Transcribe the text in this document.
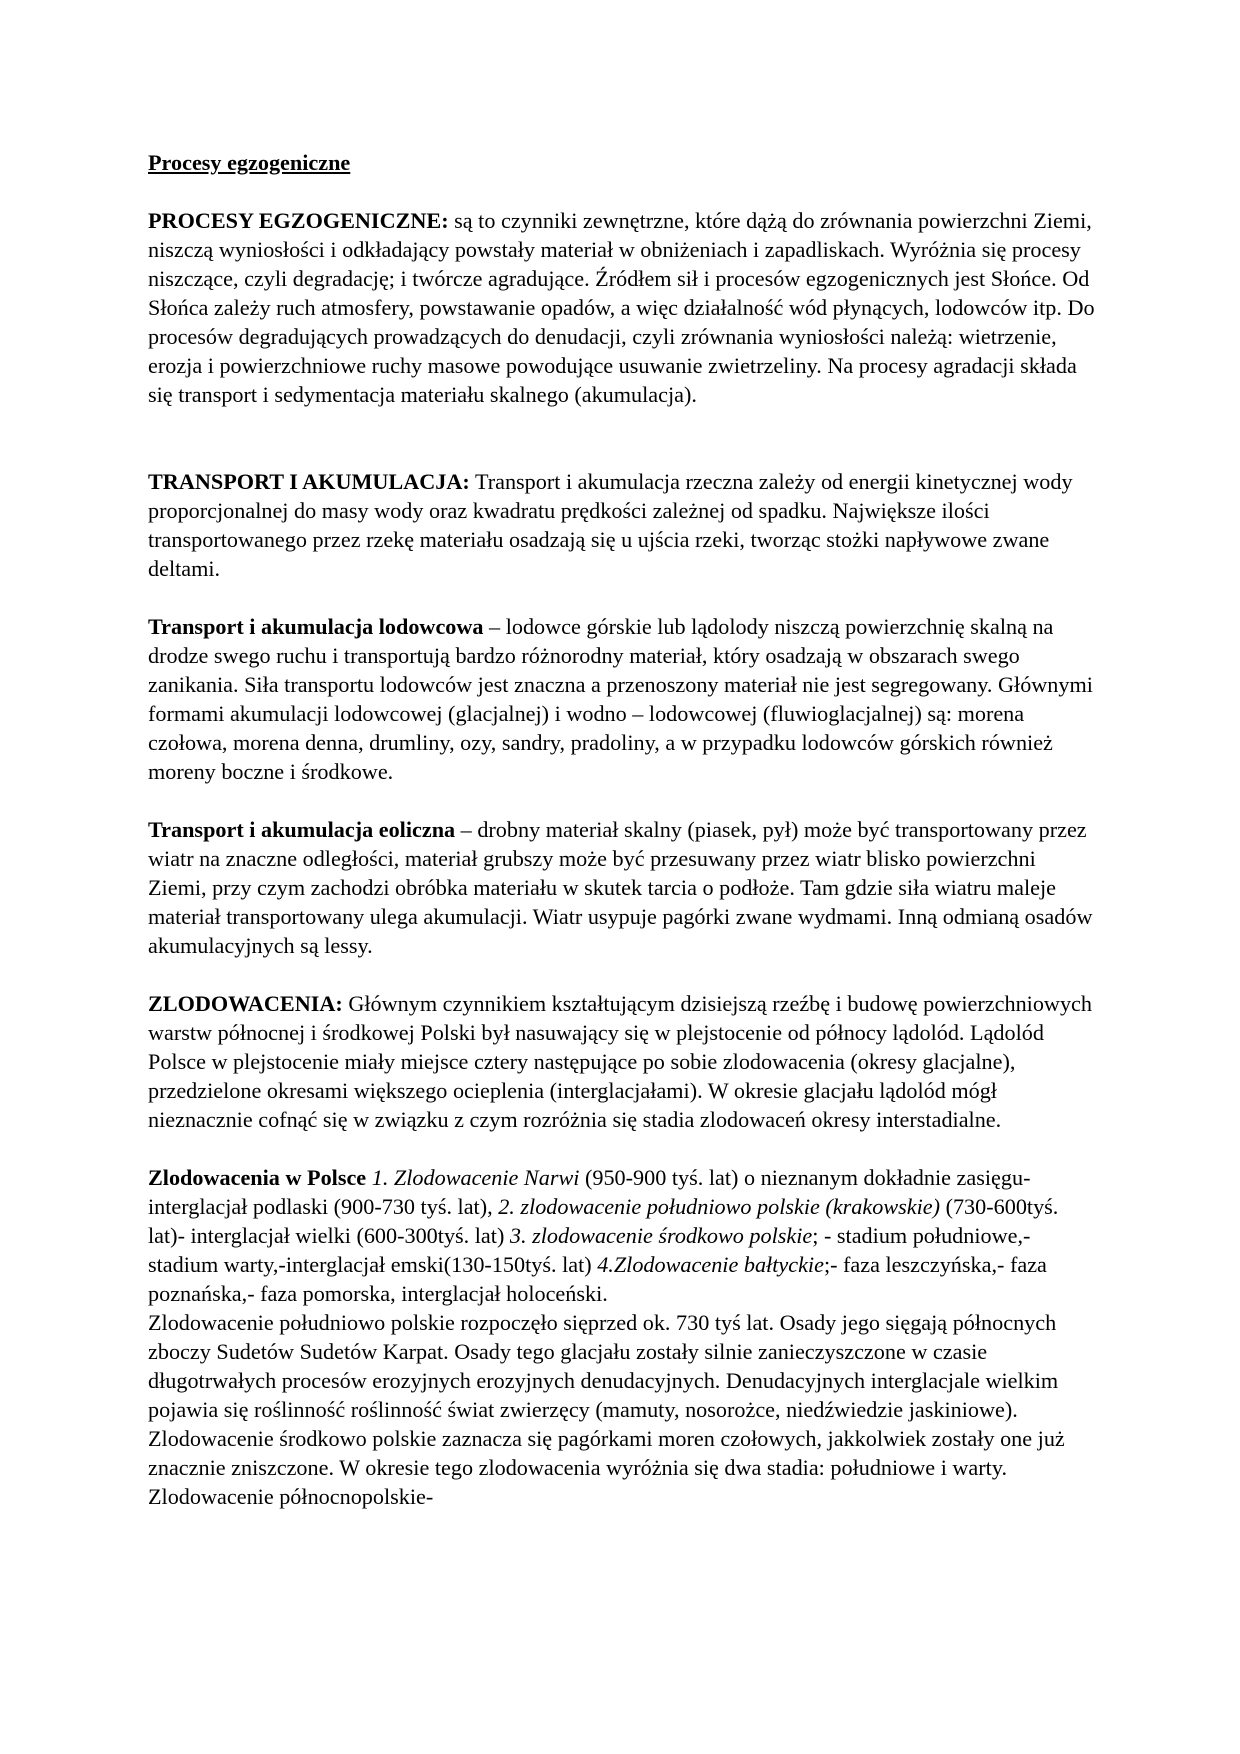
Procesy egzogeniczne

PROCESY EGZOGENICZNE: są to czynniki zewnętrzne, które dążą do zrównania powierzchni Ziemi, niszczą wyniosłości i odkładający powstały materiał w obniżeniach i zapadliskach. Wyróżnia się procesy niszczące, czyli degradację; i twórcze agradujące. Źródłem sił i procesów egzogenicznych jest Słońce. Od Słońca zależy ruch atmosfery, powstawanie opadów, a więc działalność wód płynących, lodowców itp. Do procesów degradujących prowadzących do denudacji, czyli zrównania wyniosłości należą: wietrzenie, erozja i powierzchniowe ruchy masowe powodujące usuwanie zwietrzeliny. Na procesy agradacji składa się transport i sedymentacja materiału skalnego (akumulacja).

TRANSPORT I AKUMULACJA: Transport i akumulacja rzeczna zależy od energii kinetycznej wody proporcjonalnej do masy wody oraz kwadratu prędkości zależnej od spadku. Największe ilości transportowanego przez rzekę materiału osadzają się u ujścia rzeki, tworząc stożki napływowe zwane deltami.

Transport i akumulacja lodowcowa – lodowce górskie lub lądolody niszczą powierzchnię skalną na drodze swego ruchu i transportują bardzo różnorodny materiał, który osadzają w obszarach swego zanikania. Siła transportu lodowców jest znaczna a przenoszony materiał nie jest segregowany. Głównymi formami akumulacji lodowcowej (glacjalnej) i wodno – lodowcowej (fluwioglacjalnej) są: morena czołowa, morena denna, drumliny, ozy, sandry, pradoliny, a w przypadku lodowców górskich również moreny boczne i środkowe.

Transport i akumulacja eoliczna – drobny materiał skalny (piasek, pył) może być transportowany przez wiatr na znaczne odległości, materiał grubszy może być przesuwany przez wiatr blisko powierzchni Ziemi, przy czym zachodzi obróbka materiału w skutek tarcia o podłoże. Tam gdzie siła wiatru maleje materiał transportowany ulega akumulacji. Wiatr usypuje pagórki zwane wydmami. Inną odmianą osadów akumulacyjnych są lessy.

ZLODOWACENIA: Głównym czynnikiem kształtującym dzisiejszą rzeźbę i budowę powierzchniowych warstw północnej i środkowej Polski był nasuwający się w plejstocenie od północy lądolód. Lądolód Polsce w plejstocenie miały miejsce cztery następujące po sobie zlodowacenia (okresy glacjalne), przedzielone okresami większego ocieplenia (interglacjałami). W okresie glacjału lądolód mógł nieznacznie cofnąć się w związku z czym rozróżnia się stadia zlodowaceń okresy interstadialne.

Zlodowacenia w Polsce 1. Zlodowacenie Narwi (950-900 tyś. lat) o nieznanym dokładnie zasięgu- interglacjał podlaski (900-730 tyś. lat), 2. zlodowacenie południowo polskie (krakowskie) (730-600tyś. lat)- interglacjał wielki (600-300tyś. lat) 3. zlodowacenie środkowo polskie; - stadium południowe,- stadium warty,-interglacjał emski(130-150tyś. lat) 4.Zlodowacenie bałtyckie;- faza leszczyńska,- faza poznańska,- faza pomorska, interglacjał holoceński.

Zlodowacenie południowo polskie rozpoczęło sięprzed ok. 730 tyś lat. Osady jego sięgają północnych zboczy Sudetów Sudetów Karpat. Osady tego glacjału zostały silnie zanieczyszczone w czasie długotrwałych procesów erozyjnych erozyjnych denudacyjnych. Denudacyjnych interglacjale wielkim pojawia się roślinność roślinność świat zwierzęcy (mamuty, nosorożce, niedźwiedzie jaskiniowe). Zlodowacenie środkowo polskie zaznacza się pagórkami moren czołowych, jakkolwiek zostały one już znacznie zniszczone. W okresie tego zlodowacenia wyróżnia się dwa stadia: południowe i warty. Zlodowacenie północnopolskie-
